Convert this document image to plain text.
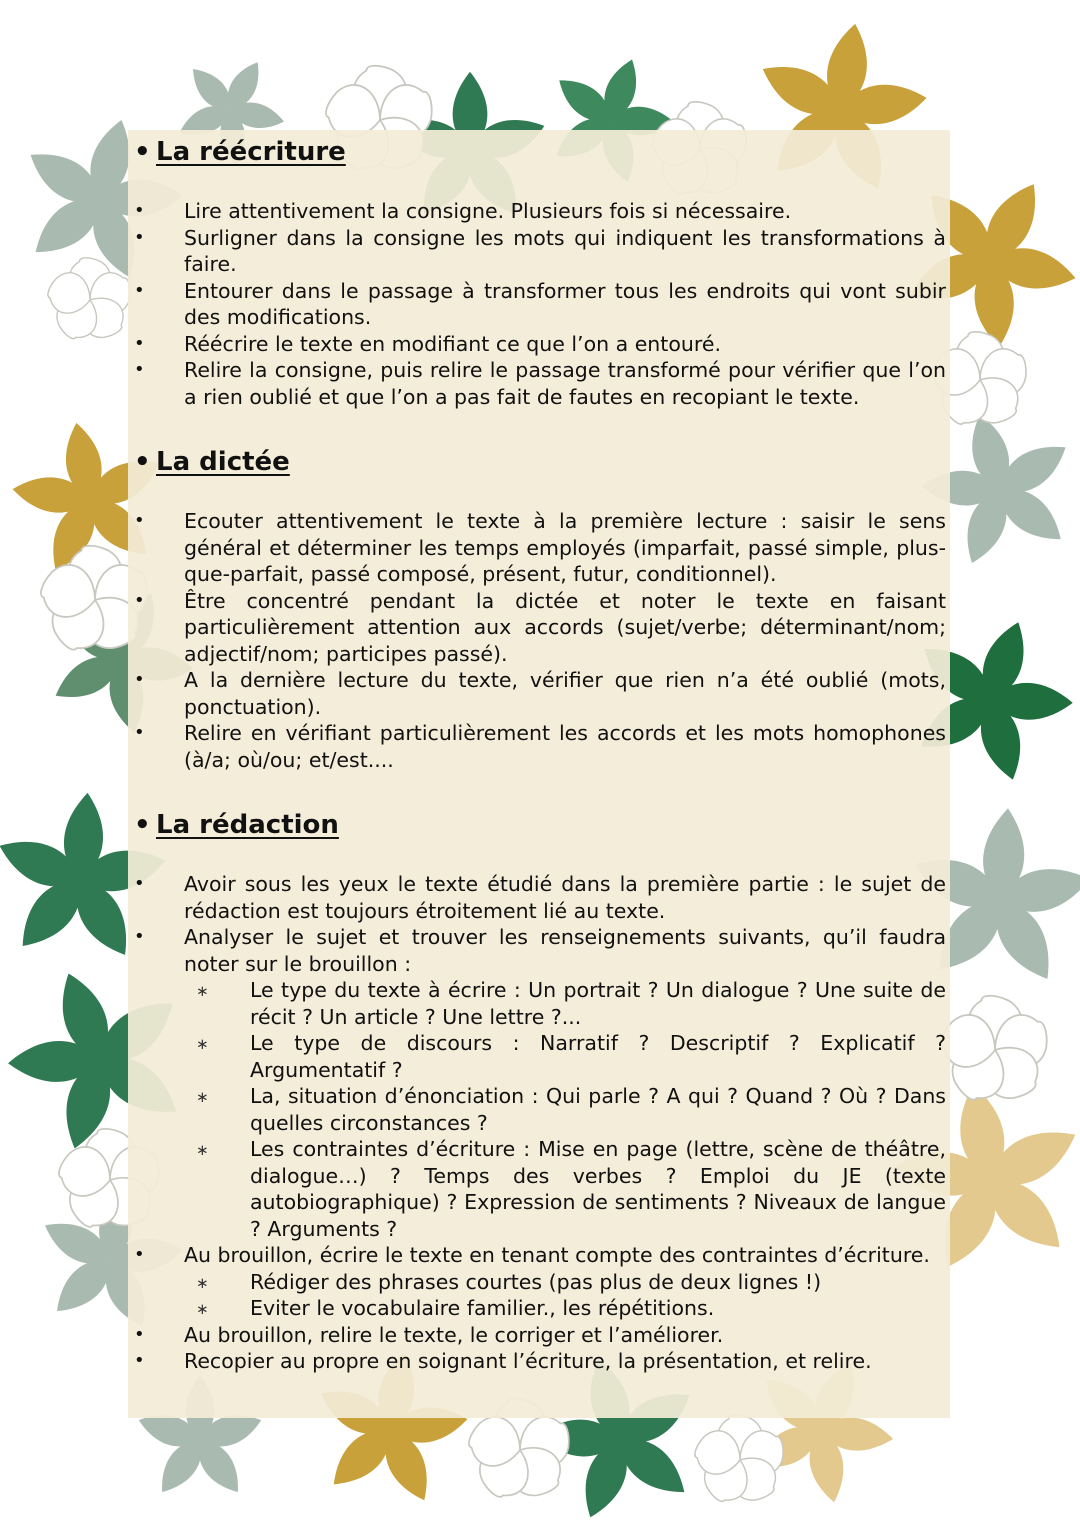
• La réécriture
• Lire attentivement la consigne. Plusieurs fois si nécessaire.
• Surligner dans la consigne les mots qui indiquent les transformations à faire.
• Entourer dans le passage à transformer tous les endroits qui vont subir des modifications.
• Réécrire le texte en modifiant ce que l’on a entouré.
• Relire la consigne, puis relire le passage transformé pour vérifier que l’on a rien oublié et que l’on a pas fait de fautes en recopiant le texte.
• La dictée
• Ecouter attentivement le texte à la première lecture : saisir le sens général et déterminer les temps employés (imparfait, passé simple, plus-que-parfait, passé composé, présent, futur, conditionnel).
• Être concentré pendant la dictée et noter le texte en faisant particulièrement attention aux accords (sujet/verbe; déterminant/nom; adjectif/nom; participes passé).
• A la dernière lecture du texte, vérifier que rien n’a été oublié (mots, ponctuation).
• Relire en vérifiant particulièrement les accords et les mots homophones (à/a; où/ou; et/est....
• La rédaction
• Avoir sous les yeux le texte étudié dans la première partie : le sujet de rédaction est toujours étroitement lié au texte.
• Analyser le sujet et trouver les renseignements suivants, qu’il faudra noter sur le brouillon :
∗ Le type du texte à écrire : Un portrait ? Un dialogue ? Une suite de récit ? Un article ? Une lettre ?...
∗ Le type de discours : Narratif ? Descriptif ? Explicatif ? Argumentatif ?
∗ La, situation d’énonciation : Qui parle ? A qui ? Quand ? Où ? Dans quelles circonstances ?
∗ Les contraintes d’écriture : Mise en page (lettre, scène de théâtre, dialogue…) ? Temps des verbes ? Emploi du JE (texte autobiographique) ? Expression de sentiments ? Niveaux de langue ? Arguments ?
• Au brouillon, écrire le texte en tenant compte des contraintes d’écriture.
∗ Rédiger des phrases courtes (pas plus de deux lignes !)
∗ Eviter le vocabulaire familier., les répétitions.
• Au brouillon, relire le texte, le corriger et l’améliorer.
• Recopier au propre en soignant l’écriture, la présentation, et relire.
